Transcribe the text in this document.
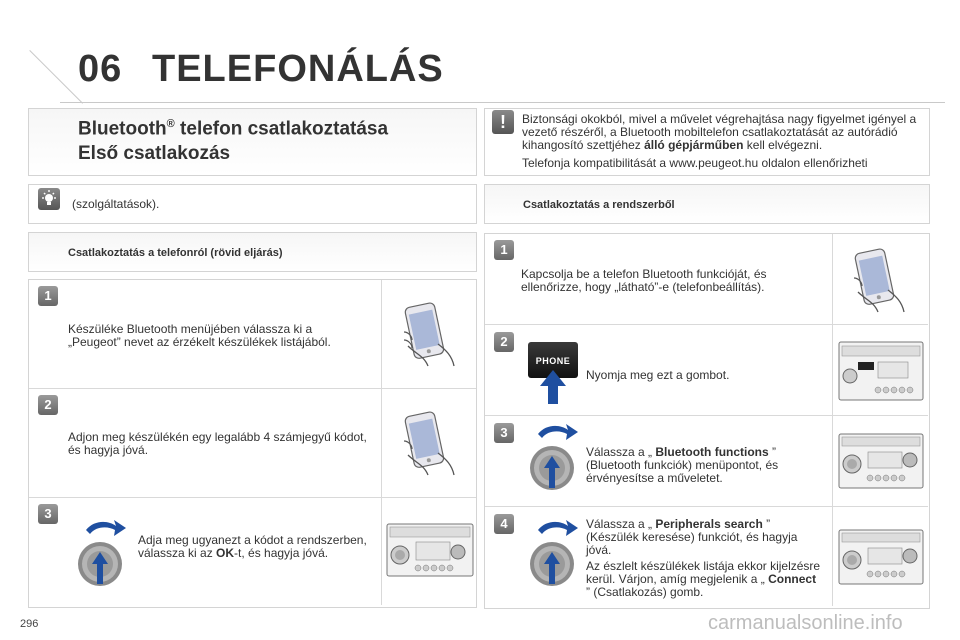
06 TELEFONÁLÁS
Bluetooth® telefon csatlakoztatása
Első csatlakozás
!	Biztonsági okokból, mivel a művelet végrehajtása nagy figyelmet igényel a vezető részéről, a Bluetooth mobiltelefon csatlakoztatását az autórádió kihangosító szettjéhez álló gépjárműben kell elvégezni.
Telefonja kompatibilitását a www.peugeot.hu oldalon ellenőrizheti
(szolgáltatások).	Csatlakoztatás a rendszerből
Csatlakoztatás a telefonról (rövid eljárás)
1
Készüléke Bluetooth menüjében válassza ki a „Peugeot” nevet az érzékelt készülékek listájából.
2
Adjon meg készülékén egy legalább 4 számjegyű kódot, és hagyja jóvá.
3
Adja meg ugyanezt a kódot a rendszerben, válassza ki az OK-t, és hagyja jóvá.
1
Kapcsolja be a telefon Bluetooth funkcióját, és ellenőrizze, hogy „látható”-e (telefonbeállítás).
2
PHONE
Nyomja meg ezt a gombot.
3
Válassza a „ Bluetooth functions ” (Bluetooth funkciók) menüpontot, és érvényesítse a műveletet.
4	Válassza a „ Peripherals search ” (Készülék keresése) funkciót, és hagyja jóvá.
Az észlelt készülékek listája ekkor kijelzésre kerül. Várjon, amíg megjelenik a „ Connect ” (Csatlakozás) gomb.
296	carmanualsonline.info
